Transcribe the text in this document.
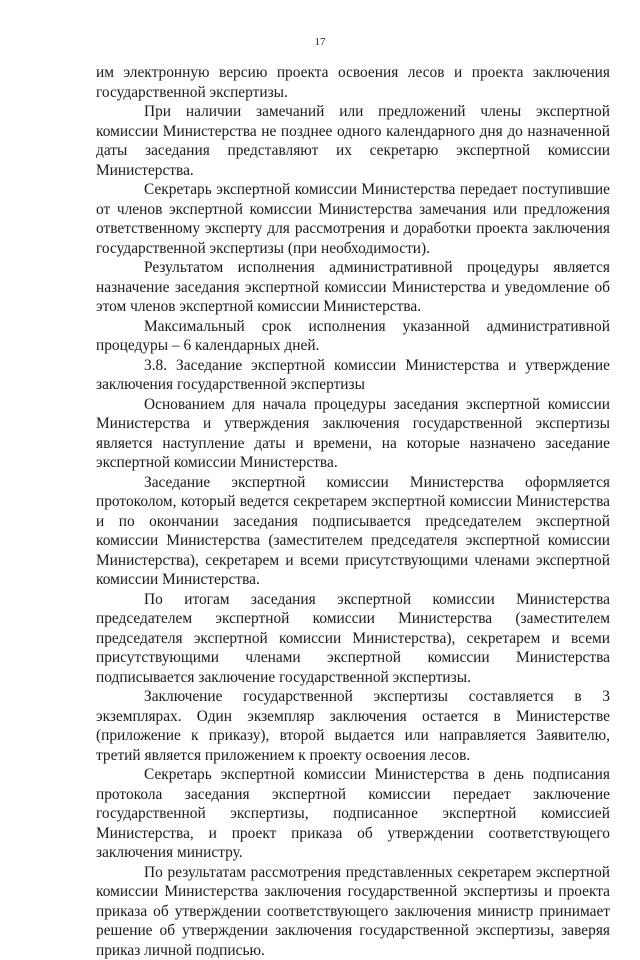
17

им электронную версию проекта освоения лесов и проекта заключения государственной экспертизы.

При наличии замечаний или предложений члены экспертной комиссии Министерства не позднее одного календарного дня до назначенной даты заседания представляют их секретарю экспертной комиссии Министерства.

Секретарь экспертной комиссии Министерства передает поступившие от членов экспертной комиссии Министерства замечания или предложения ответственному эксперту для рассмотрения и доработки проекта заключения государственной экспертизы (при необходимости).

Результатом исполнения административной процедуры является назначение заседания экспертной комиссии Министерства и уведомление об этом членов экспертной комиссии Министерства.

Максимальный срок исполнения указанной административной процедуры – 6 календарных дней.

3.8. Заседание экспертной комиссии Министерства и утверждение заключения государственной экспертизы

Основанием для начала процедуры заседания экспертной комиссии Министерства и утверждения заключения государственной экспертизы является наступление даты и времени, на которые назначено заседание экспертной комиссии Министерства.

Заседание экспертной комиссии Министерства оформляется протоколом, который ведется секретарем экспертной комиссии Министерства и по окончании заседания подписывается председателем экспертной комиссии Министерства (заместителем председателя экспертной комиссии Министерства), секретарем и всеми присутствующими членами экспертной комиссии Министерства.

По итогам заседания экспертной комиссии Министерства председателем экспертной комиссии Министерства (заместителем председателя экспертной комиссии Министерства), секретарем и всеми присутствующими членами экспертной комиссии Министерства подписывается заключение государственной экспертизы.

Заключение государственной экспертизы составляется в 3 экземплярах. Один экземпляр заключения остается в Министерстве (приложение к приказу), второй выдается или направляется Заявителю, третий является приложением к проекту освоения лесов.

Секретарь экспертной комиссии Министерства в день подписания протокола заседания экспертной комиссии передает заключение государственной экспертизы, подписанное экспертной комиссией Министерства, и проект приказа об утверждении соответствующего заключения министру.

По результатам рассмотрения представленных секретарем экспертной комиссии Министерства заключения государственной экспертизы и проекта приказа об утверждении соответствующего заключения министр принимает решение об утверждении заключения государственной экспертизы, заверяя приказ личной подписью.
